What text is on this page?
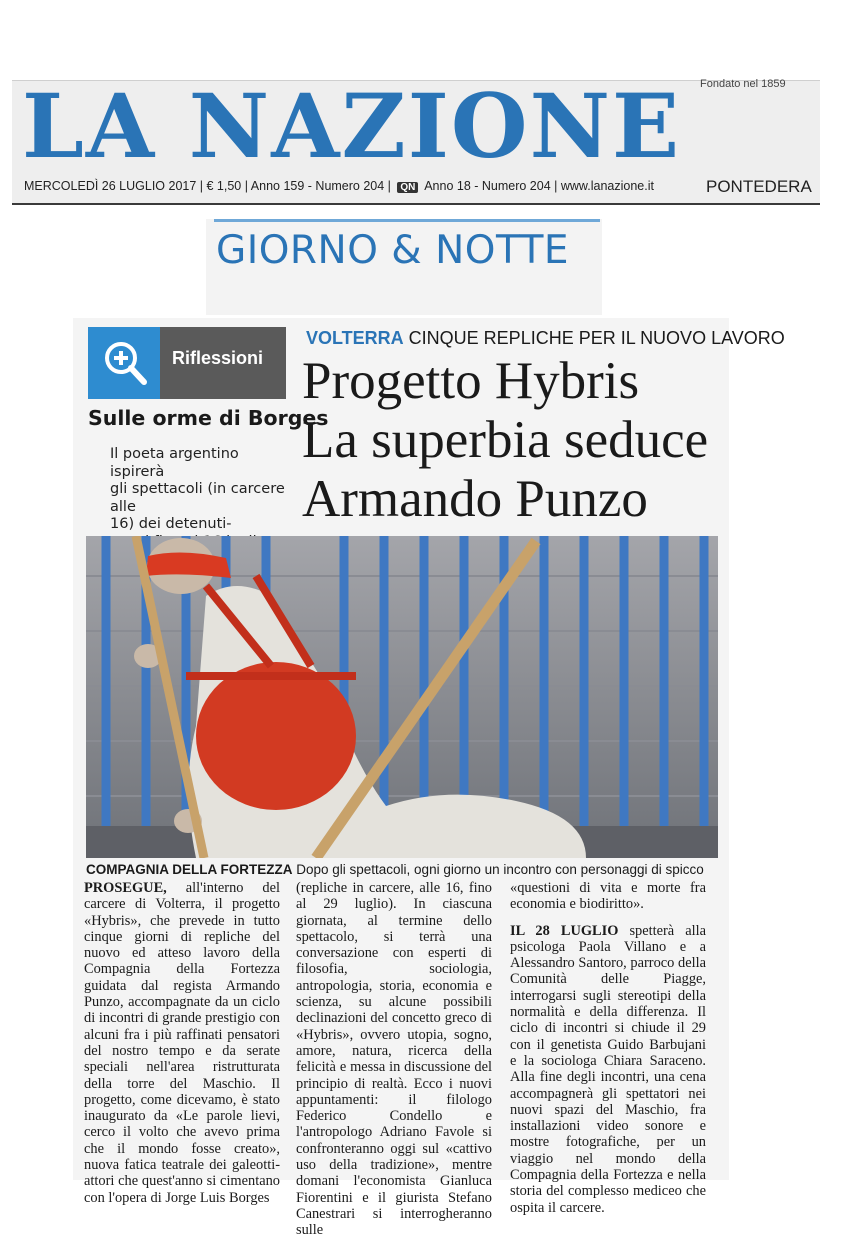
Fondato nel 1859
LA NAZIONE
MERCOLEDÌ 26 LUGLIO 2017 | € 1,50 | Anno 159 - Numero 204 | QN Anno 18 - Numero 204 | www.lanazione.it	PONTEDERA
GIORNO & NOTTE
Riflessioni
Sulle orme di Borges
Il poeta argentino ispirerà
gli spettacoli (in carcere alle
16) dei detenuti-
VOLTERRA CINQUE REPLICHE PER IL NUOVO LAVORO
Progetto Hybris
La superbia seduce
Armando Punzo
COMPAGNIA DELLA FORTEZZA Dopo gli spettacoli, ogni giorno un incontro con personaggi di spicco

PROSEGUE, all'interno del carcere di Volterra, il progetto «Hybris», che prevede in tutto cinque giorni di repliche del nuovo ed atteso lavoro della Compagnia della Fortezza guidata dal regista Armando Punzo, accompagnate da un ciclo di incontri di grande prestigio con alcuni fra i più raffinati pensatori del nostro tempo e da serate speciali nell'area ristrutturata della torre del Maschio. Il progetto, come dicevamo, è stato inaugurato da «Le parole lievi, cerco il volto che avevo prima che il mondo fosse creato», nuova fatica teatrale dei galeotti-attori che quest'anno si cimentano con l'opera di Jorge Luis Borges

(repliche in carcere, alle 16, fino al 29 luglio). In ciascuna giornata, al termine dello spettacolo, si terrà una conversazione con esperti di filosofia, sociologia, antropologia, storia, economia e scienza, su alcune possibili declinazioni del concetto greco di «Hybris», ovvero utopia, sogno, amore, natura, ricerca della felicità e messa in discussione del principio di realtà. Ecco i nuovi appuntamenti: il filologo Federico Condello e l'antropologo Adriano Favole si confronteranno oggi sul «cattivo uso della tradizione», mentre domani l'economista Gianluca Fiorentini e il giurista Stefano Canestrari si interrogheranno sulle

«questioni di vita e morte fra economia e biodiritto».

IL 28 LUGLIO spetterà alla psicologa Paola Villano e a Alessandro Santoro, parroco della Comunità delle Piagge, interrogarsi sugli stereotipi della normalità e della differenza. Il ciclo di incontri si chiude il 29 con il genetista Guido Barbujani e la sociologa Chiara Saraceno. Alla fine degli incontri, una cena accompagnerà gli spettatori nei nuovi spazi del Maschio, fra installazioni video sonore e mostre fotografiche, per un viaggio nel mondo della Compagnia della Fortezza e nella storia del complesso mediceo che ospita il carcere.
